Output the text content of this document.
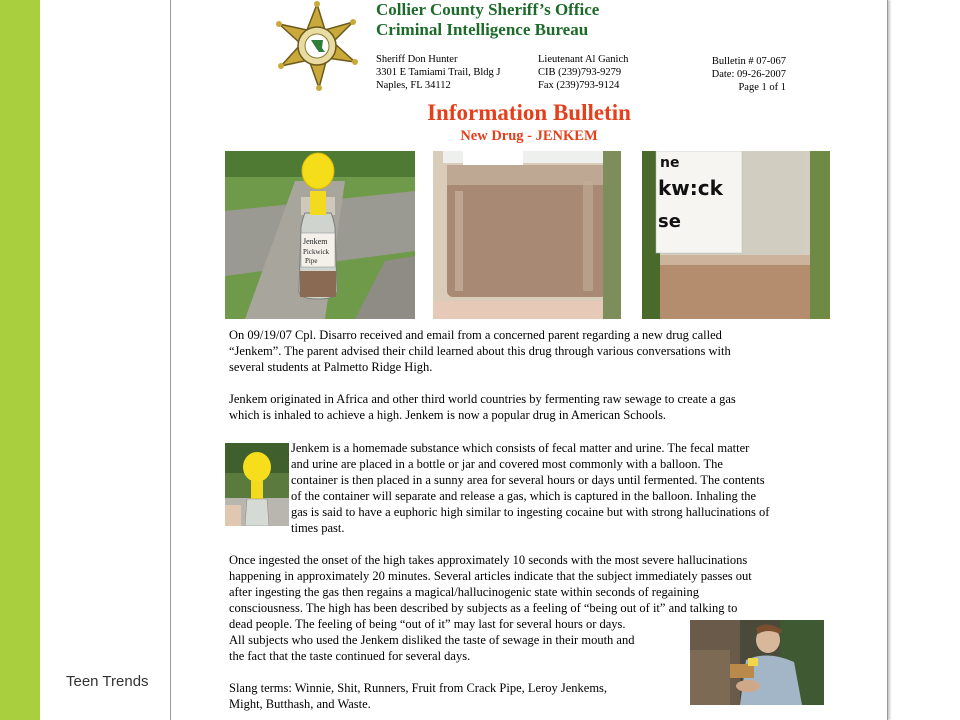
Teen Trends
Collier County Sheriff’s Office
Criminal Intelligence Bureau
Sheriff Don Hunter
3301 E Tamiami Trail, Bldg J
Naples, FL 34112
Lieutenant Al Ganich
CIB (239)793-9279
Fax (239)793-9124
Bulletin # 07-067
Date: 09-26-2007
Page 1 of 1
Information Bulletin
New Drug - JENKEM
Jenkem
Pickwick
Pipe
ne
kw:ck
se

On 09/19/07 Cpl. Disarro received and email from a concerned parent regarding a new drug called
“Jenkem”. The parent advised their child learned about this drug through various conversations with
several students at Palmetto Ridge High.

Jenkem originated in Africa and other third world countries by fermenting raw sewage to create a gas
which is inhaled to achieve a high. Jenkem is now a popular drug in American Schools.

Jenkem is a homemade substance which consists of fecal matter and urine. The fecal matter
and urine are placed in a bottle or jar and covered most commonly with a balloon. The
container is then placed in a sunny area for several hours or days until fermented. The contents
of the container will separate and release a gas, which is captured in the balloon. Inhaling the
gas is said to have a euphoric high similar to ingesting cocaine but with strong hallucinations of
times past.

Once ingested the onset of the high takes approximately 10 seconds with the most severe hallucinations
happening in approximately 20 minutes. Several articles indicate that the subject immediately passes out
after ingesting the gas then regains a magical/hallucinogenic state within seconds of regaining
consciousness. The high has been described by subjects as a feeling of “being out of it” and talking to
dead people. The feeling of being “out of it” may last for several hours or days.

All subjects who used the Jenkem disliked the taste of sewage in their mouth and
the fact that the taste continued for several days.

Slang terms: Winnie, Shit, Runners, Fruit from Crack Pipe, Leroy Jenkems,
Might, Butthash, and Waste.
